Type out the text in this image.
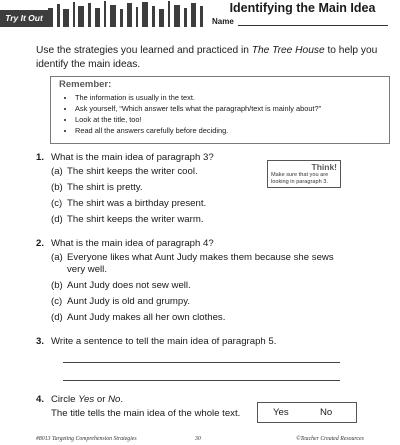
Try It Out
Identifying the Main Idea
Name
Use the strategies you learned and practiced in The Tree House to help you identify the main ideas.
Remember:
• The information is usually in the text.
• Ask yourself, “Which answer tells what the paragraph/text is mainly about?”
• Look at the title, too!
• Read all the answers carefully before deciding.
1. What is the main idea of paragraph 3?
(a) The shirt keeps the writer cool.
(b) The shirt is pretty.
(c) The shirt was a birthday present.
(d) The shirt keeps the writer warm.
Think!
Make sure that you are looking in paragraph 3.
2. What is the main idea of paragraph 4?
(a) Everyone likes what Aunt Judy makes them because she sews very well.
(b) Aunt Judy does not sew well.
(c) Aunt Judy is old and grumpy.
(d) Aunt Judy makes all her own clothes.
3. Write a sentence to tell the main idea of paragraph 5.
4. Circle Yes or No.
The title tells the main idea of the whole text.	Yes	No
#8013 Targeting Comprehension Strategies	30	©Teacher Created Resources
